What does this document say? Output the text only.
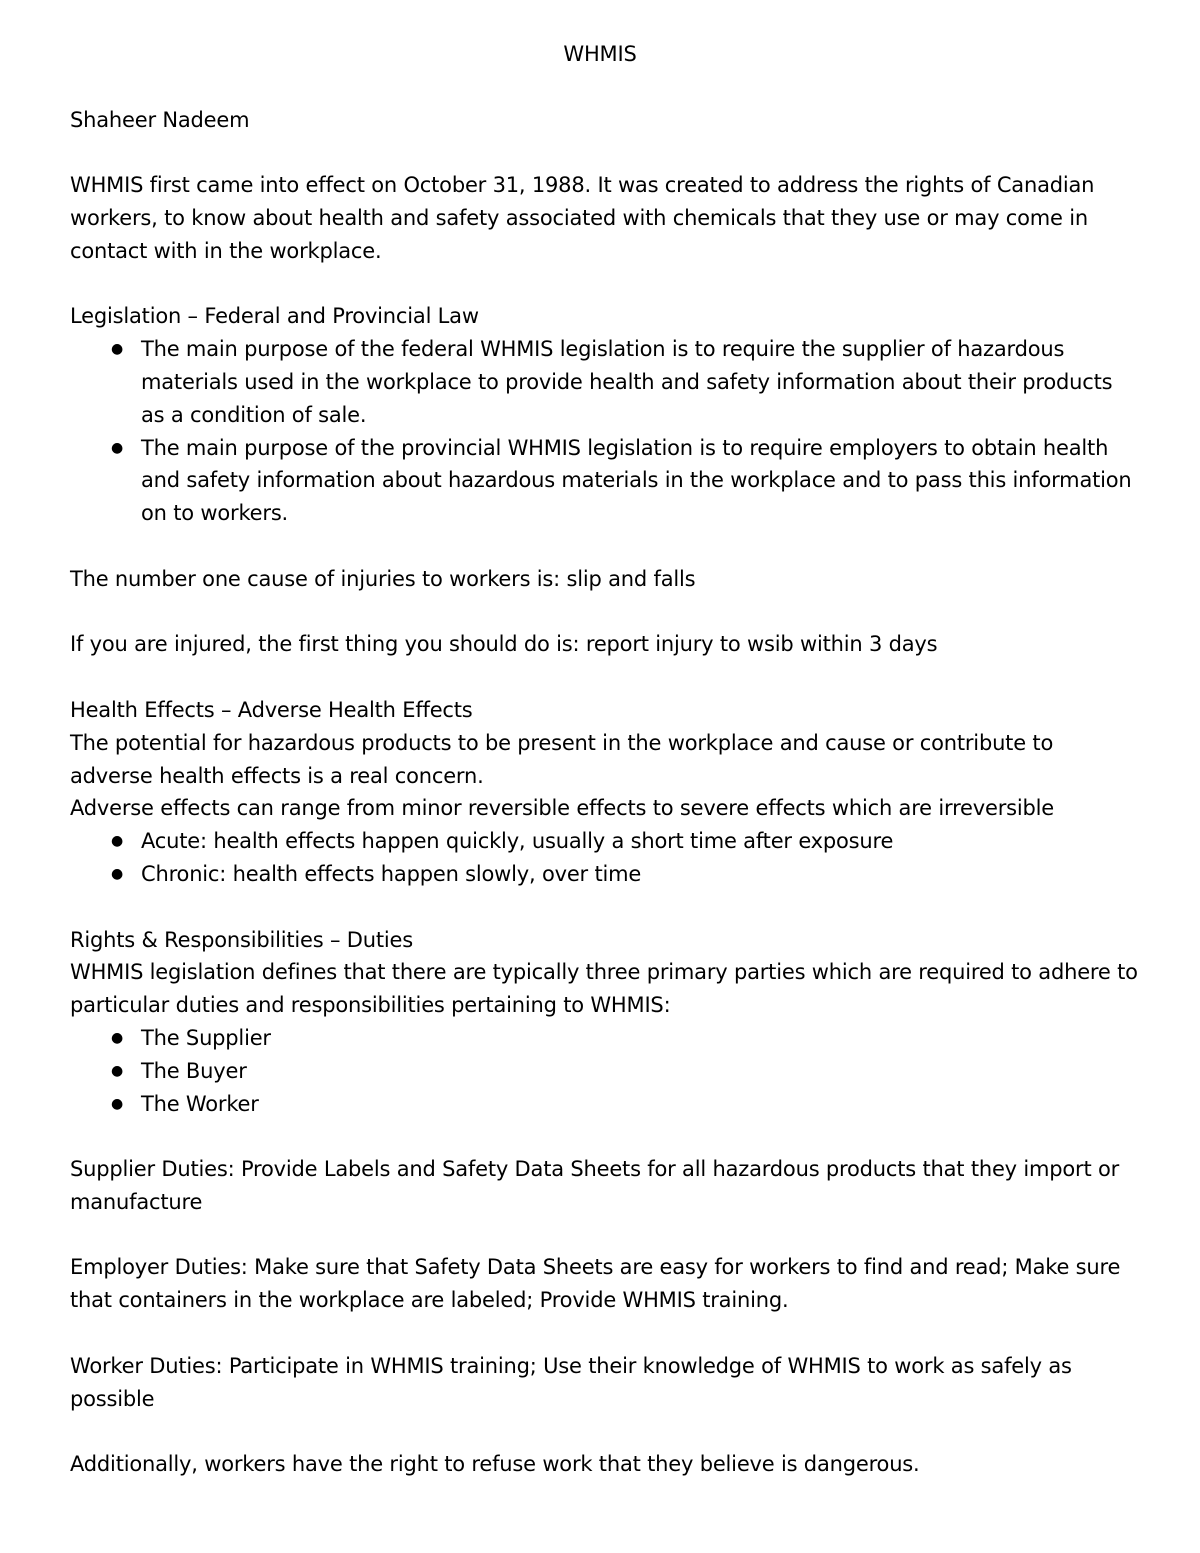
WHMIS

Shaheer Nadeem

WHMIS first came into effect on October 31, 1988. It was created to address the rights of Canadian workers, to know about health and safety associated with chemicals that they use or may come in contact with in the workplace.

Legislation – Federal and Provincial Law

● The main purpose of the federal WHMIS legislation is to require the supplier of hazardous materials used in the workplace to provide health and safety information about their products as a condition of sale.
● The main purpose of the provincial WHMIS legislation is to require employers to obtain health and safety information about hazardous materials in the workplace and to pass this information on to workers.

The number one cause of injuries to workers is: slip and falls

If you are injured, the first thing you should do is: report injury to wsib within 3 days

Health Effects – Adverse Health Effects

The potential for hazardous products to be present in the workplace and cause or contribute to adverse health effects is a real concern.

Adverse effects can range from minor reversible effects to severe effects which are irreversible

● Acute: health effects happen quickly, usually a short time after exposure
● Chronic: health effects happen slowly, over time

Rights & Responsibilities – Duties

WHMIS legislation defines that there are typically three primary parties which are required to adhere to particular duties and responsibilities pertaining to WHMIS:

● The Supplier
● The Buyer
● The Worker

Supplier Duties: Provide Labels and Safety Data Sheets for all hazardous products that they import or manufacture

Employer Duties: Make sure that Safety Data Sheets are easy for workers to find and read; Make sure that containers in the workplace are labeled; Provide WHMIS training.

Worker Duties: Participate in WHMIS training; Use their knowledge of WHMIS to work as safely as possible

Additionally, workers have the right to refuse work that they believe is dangerous.
